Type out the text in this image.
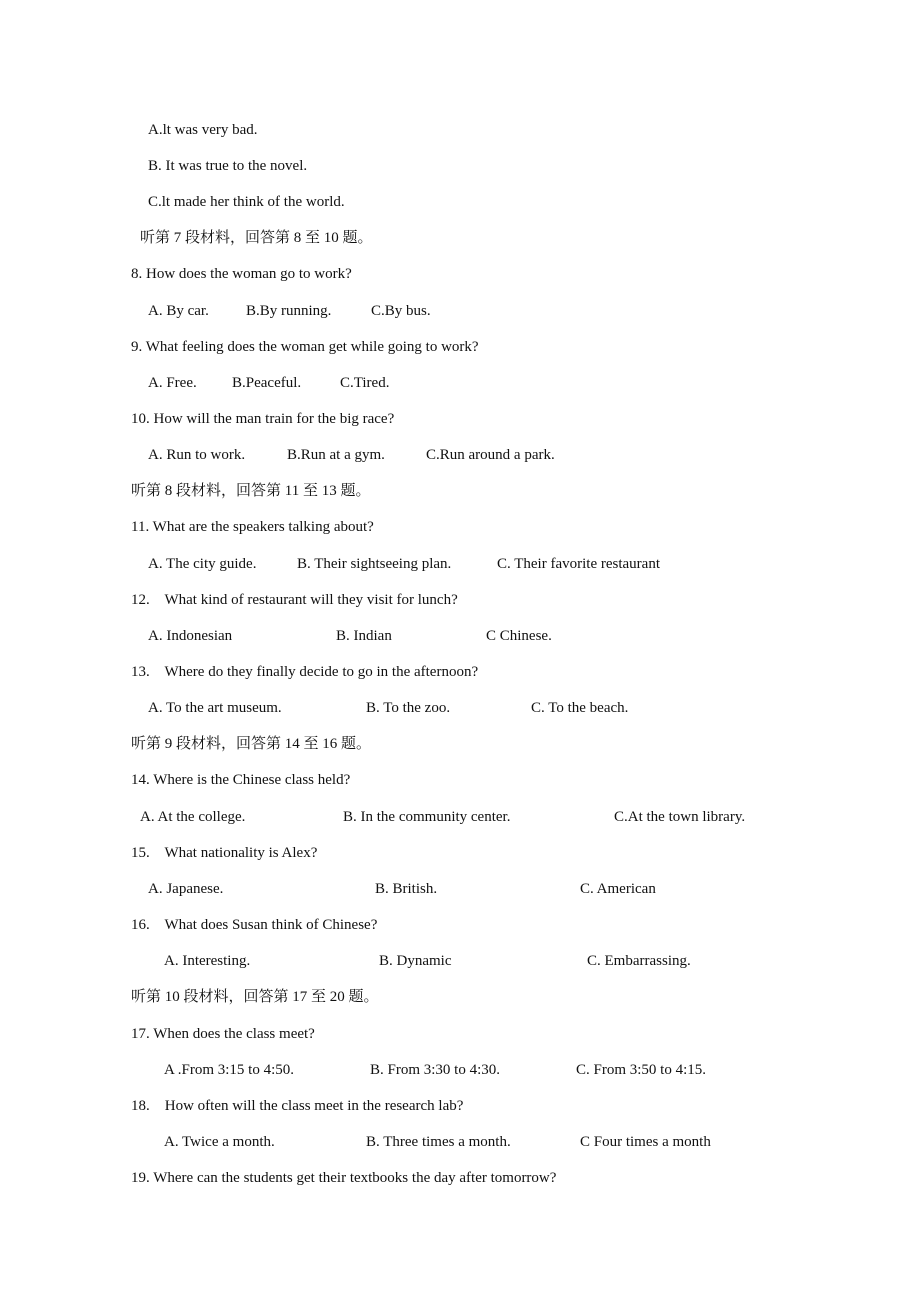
A.lt was very bad.

B. It was true to the novel.

C.lt made her think of the world.

听第 7 段材料，回答第 8 至 10 题。

8. How does the woman go to work?

A. By car. B.By running.	C.By bus.

9. What feeling does the woman get while going to work?

A. Free. B.Peaceful.	C.Tired.

10. How will the man train for the big race?

A. Run to work.	B.Run at a gym.	C.Run around a park.

听第 8 段材料，回答第 11 至 13 题。

11. What are the speakers talking about?

A. The city guide.	B. Their sightseeing plan.	C. Their favorite restaurant

12.    What kind of restaurant will they visit for lunch?

A. Indonesian	B. Indian	C Chinese.

13.    Where do they finally decide to go in the afternoon?

A. To the art museum.	B. To the zoo.	C. To the beach.

听第 9 段材料，回答第 14 至 16 题。

14. Where is the Chinese class held?

A. At the college.	B. In the community center.	C.At the town library.

15.    What nationality is Alex?

A. Japanese.	B. British.	C. American

16.    What does Susan think of Chinese?

A. Interesting.	B. Dynamic	C. Embarrassing.

听第 10 段材料，回答第 17 至 20 题。

17. When does the class meet?

A .From 3:15 to 4:50.	B. From 3:30 to 4:30.	C. From 3:50 to 4:15.

18.    How often will the class meet in the research lab?

A. Twice a month.	B. Three times a month.	C Four times a month

19. Where can the students get their textbooks the day after tomorrow?
